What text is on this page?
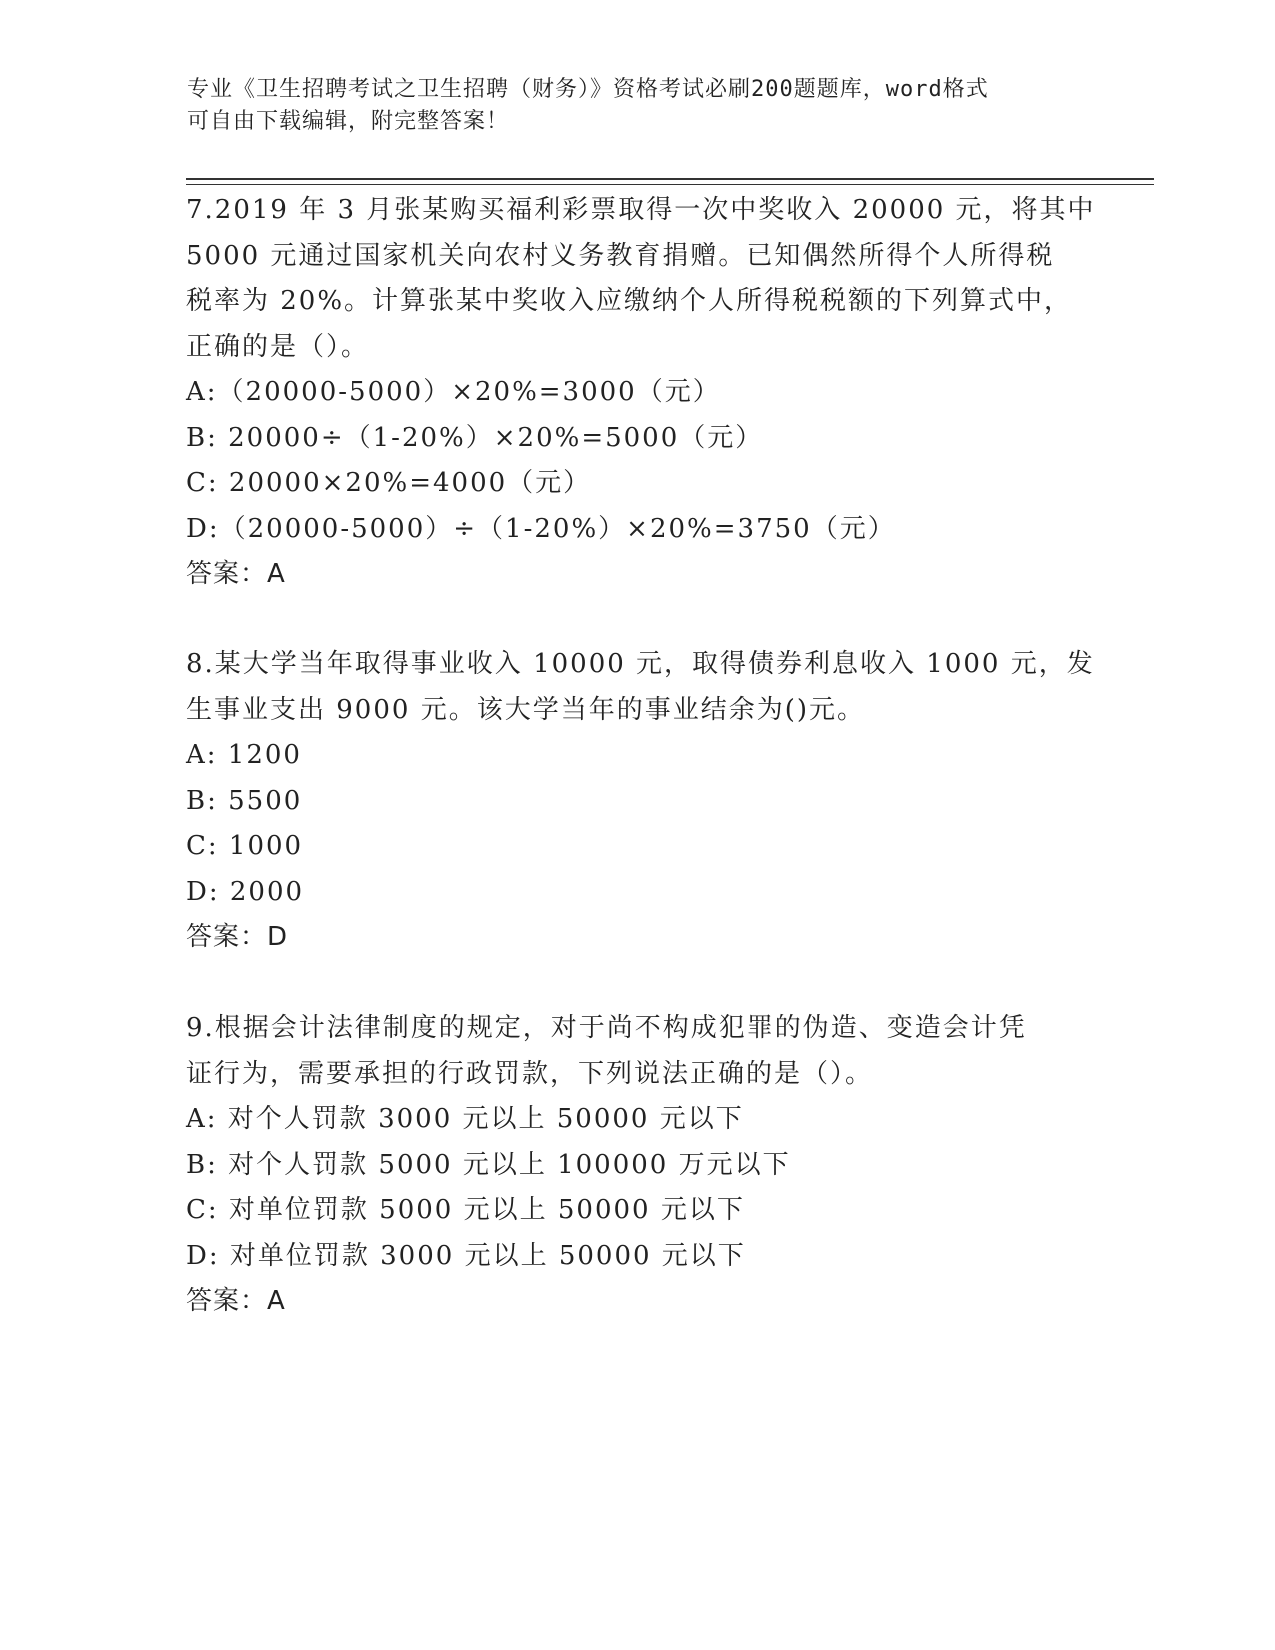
专业《卫生招聘考试之卫生招聘（财务）》资格考试必刷200题题库，word格式
可自由下载编辑，附完整答案！
7.2019 年 3 月张某购买福利彩票取得一次中奖收入 20000 元，将其中
5000 元通过国家机关向农村义务教育捐赠。已知偶然所得个人所得税
税率为 20%。计算张某中奖收入应缴纳个人所得税税额的下列算式中，
正确的是（）。
A:（20000-5000）×20%=3000（元）
B: 20000÷（1-20%）×20%=5000（元）
C: 20000×20%=4000（元）
D:（20000-5000）÷（1-20%）×20%=3750（元）
答案：A
8.某大学当年取得事业收入 10000 元，取得债券利息收入 1000 元，发
生事业支出 9000 元。该大学当年的事业结余为()元。
A: 1200
B: 5500
C: 1000
D: 2000
答案：D
9.根据会计法律制度的规定，对于尚不构成犯罪的伪造、变造会计凭
证行为，需要承担的行政罚款，下列说法正确的是（）。
A: 对个人罚款 3000 元以上 50000 元以下
B: 对个人罚款 5000 元以上 100000 万元以下
C: 对单位罚款 5000 元以上 50000 元以下
D: 对单位罚款 3000 元以上 50000 元以下
答案：A
